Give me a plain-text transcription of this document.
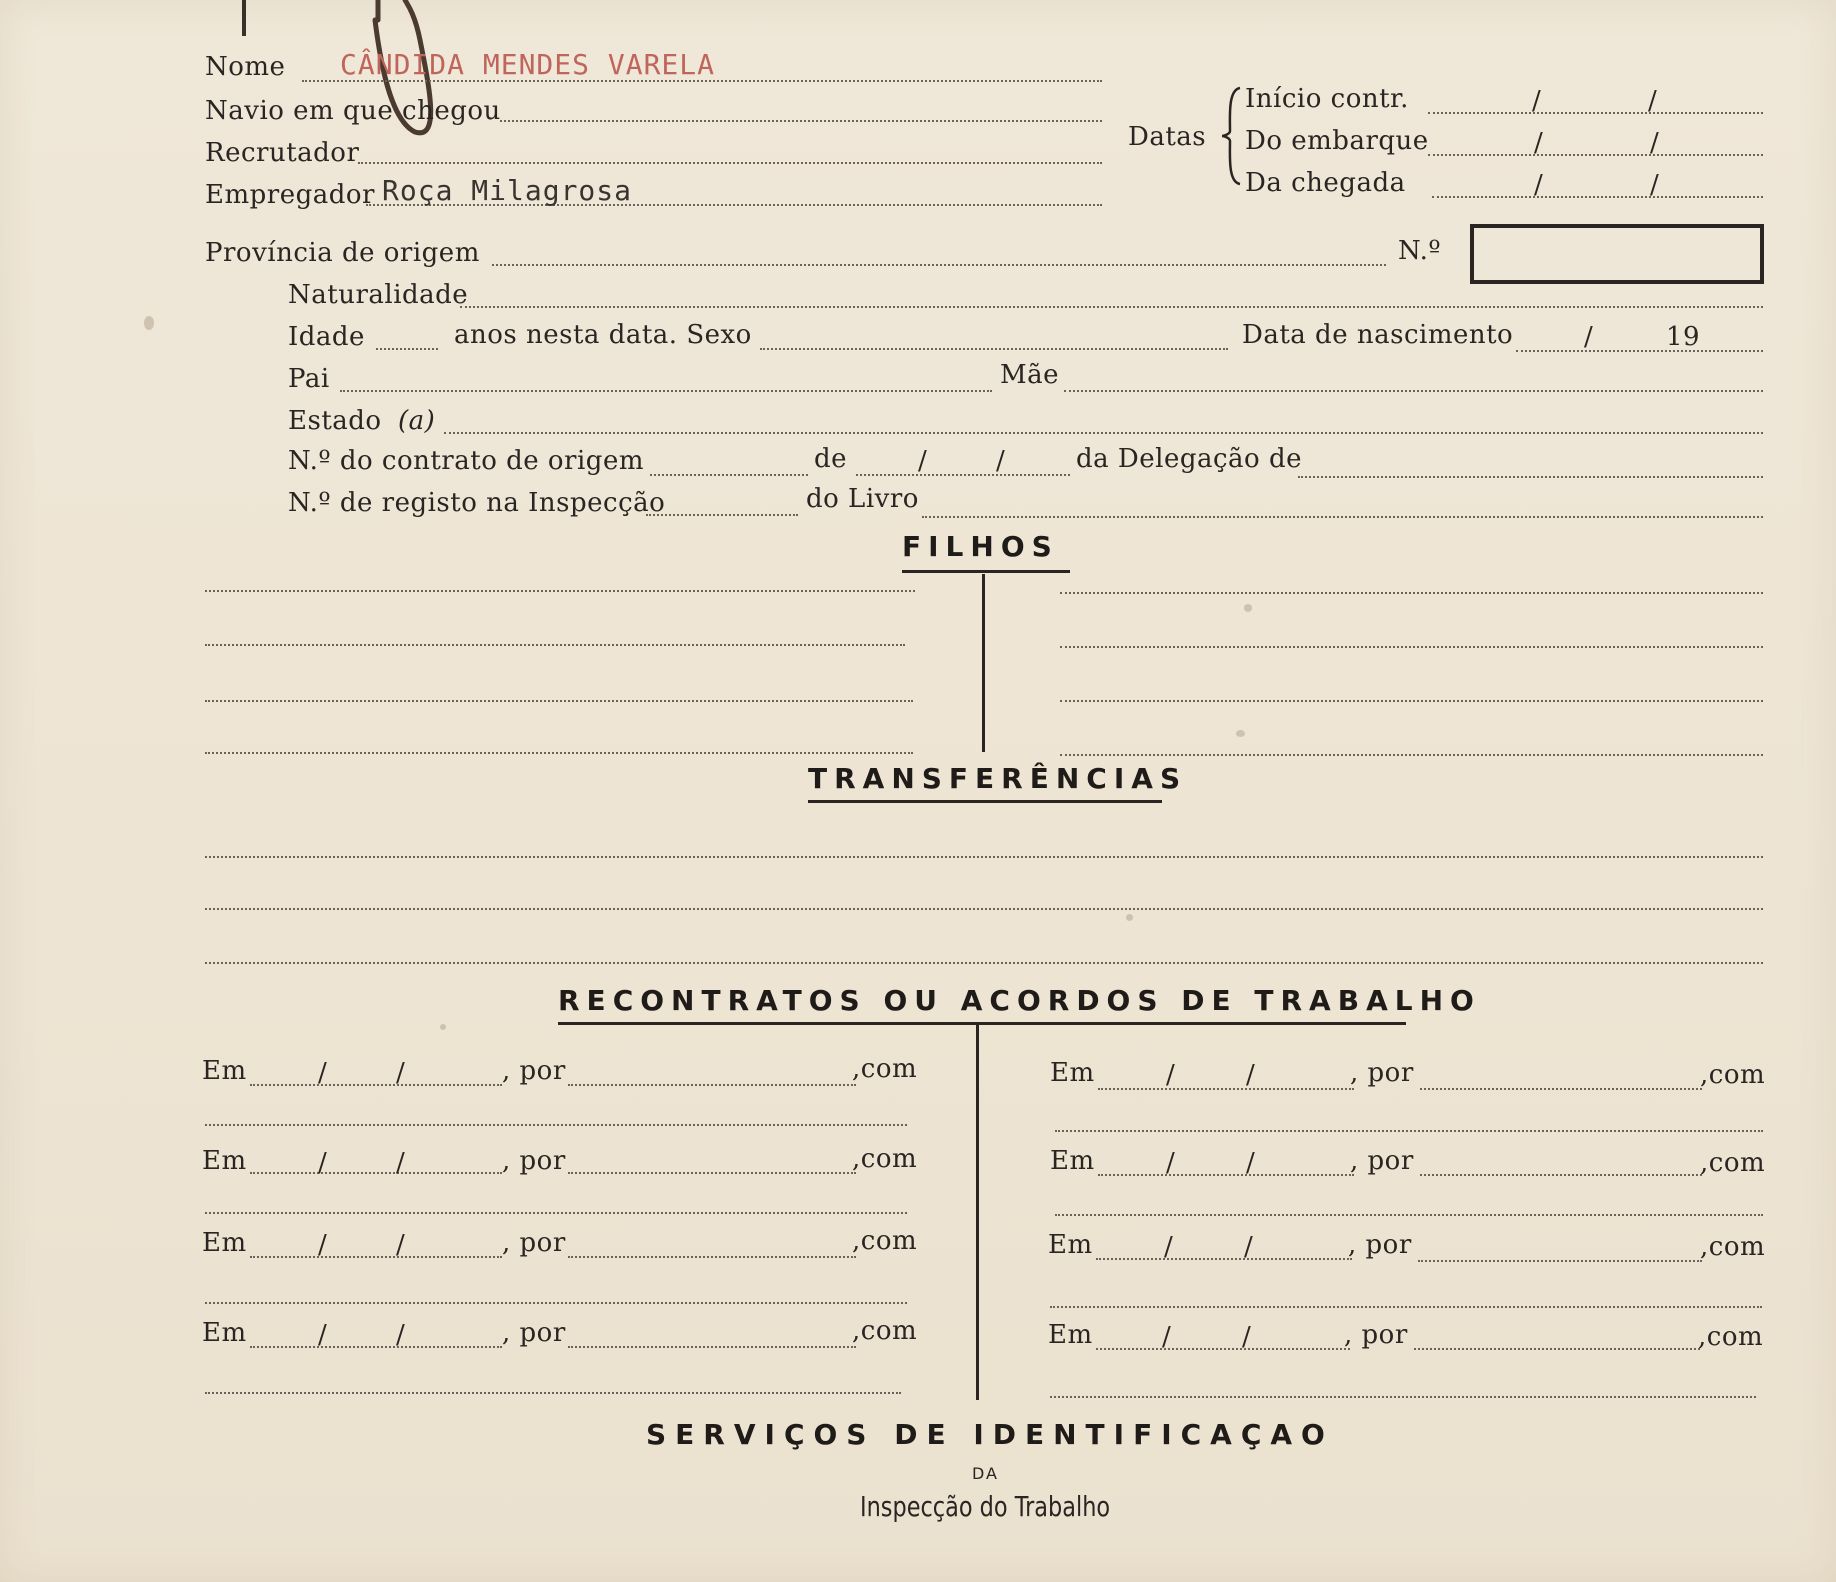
Nome CÂNDIDA MENDES VARELA
Navio em que chegou
Recrutador
Empregador Roça Milagrosa
Datas
Início contr.	/	/
Do embarque	/	/
Da chegada	/	/
Província de origem	N.º
Naturalidade
Idade	anos nesta data. Sexo	Data de nascimento	/	19
Pai	Mãe
Estado (a)
N.º do contrato de origem	de	/	/	da Delegação de
N.º de registo na Inspecção	do Livro
FILHOS
TRANSFERÊNCIAS
RECONTRATOS OU ACORDOS DE TRABALHO
Em	/	/	, por	,com
Em	/	/	, por	,com
Em	/	/	, por	,com
Em	/	/	, por	,com
Em	/	/	, por	,com
Em	/	/	, por	,com
Em	/	/	, por	,com
Em	/	/	, por	,com
SERVIÇOS DE IDENTIFICAÇAO
DA
Inspecção do Trabalho
